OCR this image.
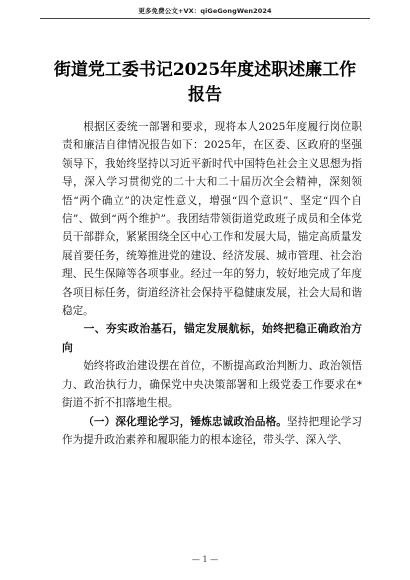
更多免费公文+VX：qiGeGongWen2024
街道党工委书记2025年度述职述廉工作
报告

根据区委统一部署和要求，现将本人2025年度履行岗位职责和廉洁自律情况报告如下：2025年，在区委、区政府的坚强领导下，我始终坚持以习近平新时代中国特色社会主义思想为指导，深入学习贯彻党的二十大和二十届历次全会精神，深刻领悟“两个确立”的决定性意义，增强“四个意识”、坚定“四个自信”、做到“两个维护”。我团结带领街道党政班子成员和全体党员干部群众，紧紧围绕全区中心工作和发展大局，锚定高质量发展首要任务，统筹推进党的建设、经济发展、城市管理、社会治理、民生保障等各项事业。经过一年的努力，较好地完成了年度各项目标任务，街道经济社会保持平稳健康发展，社会大局和谐稳定。

一、夯实政治基石，锚定发展航标，始终把稳正确政治方向

始终将政治建设摆在首位，不断提高政治判断力、政治领悟力、政治执行力，确保党中央决策部署和上级党委工作要求在*街道不折不扣落地生根。

（一）深化理论学习，锤炼忠诚政治品格。坚持把理论学习作为提升政治素养和履职能力的根本途径，带头学、深入学、

— 1 —
